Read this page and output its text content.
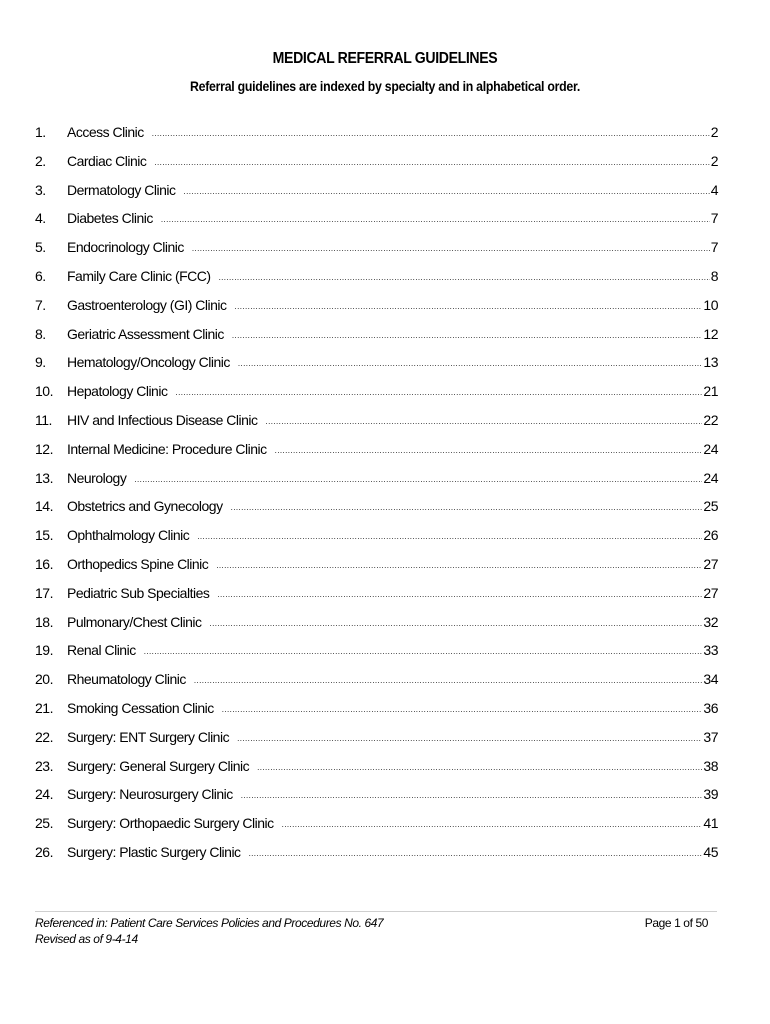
MEDICAL REFERRAL GUIDELINES
Referral guidelines are indexed by specialty and in alphabetical order.
1.	Access Clinic .....	2
2.	Cardiac Clinic .....	2
3.	Dermatology Clinic .....	4
4.	Diabetes Clinic .....	7
5.	Endocrinology Clinic .....	7
6.	Family Care Clinic (FCC) .....	8
7.	Gastroenterology (GI) Clinic .....	10
8.	Geriatric Assessment Clinic .....	12
9.	Hematology/Oncology Clinic .....	13
10.	Hepatology Clinic .....	21
11.	HIV and Infectious Disease Clinic .....	22
12.	Internal Medicine: Procedure Clinic .....	24
13.	Neurology .....	24
14.	Obstetrics and Gynecology .....	25
15.	Ophthalmology Clinic .....	26
16.	Orthopedics Spine Clinic .....	27
17.	Pediatric Sub Specialties .....	27
18.	Pulmonary/Chest Clinic .....	32
19.	Renal Clinic .....	33
20.	Rheumatology Clinic .....	34
21.	Smoking Cessation Clinic .....	36
22.	Surgery: ENT Surgery Clinic .....	37
23.	Surgery: General Surgery Clinic .....	38
24.	Surgery: Neurosurgery Clinic .....	39
25.	Surgery: Orthopaedic Surgery Clinic .....	41
26.	Surgery: Plastic Surgery Clinic .....	45
Referenced in: Patient Care Services Policies and Procedures No. 647
Revised as of 9-4-14
Page 1 of 50
